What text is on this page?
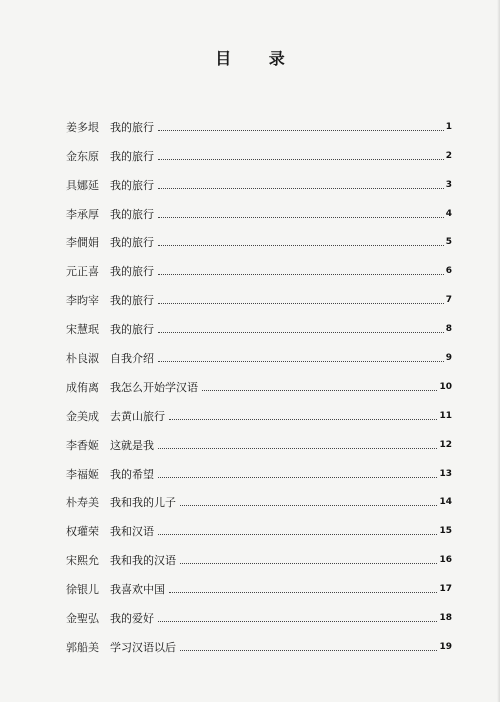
目 录
姜多垠	我的旅行	1
金东原	我的旅行	2
具娜延	我的旅行	3
李承厚	我的旅行	4
李僴娟	我的旅行	5
元正喜	我的旅行	6
李昀宰	我的旅行	7
宋慧珉	我的旅行	8
朴良淑	自我介绍	9
成侑离	我怎么开始学汉语	10
金美成	去黄山旅行	11
李香姬	这就是我	12
李福姬	我的希望	13
朴寿美	我和我的儿子	14
权瓘荣	我和汉语	15
宋熙允	我和我的汉语	16
徐银儿	我喜欢中国	17
金聖弘	我的爱好	18
郭船美	学习汉语以后	19
